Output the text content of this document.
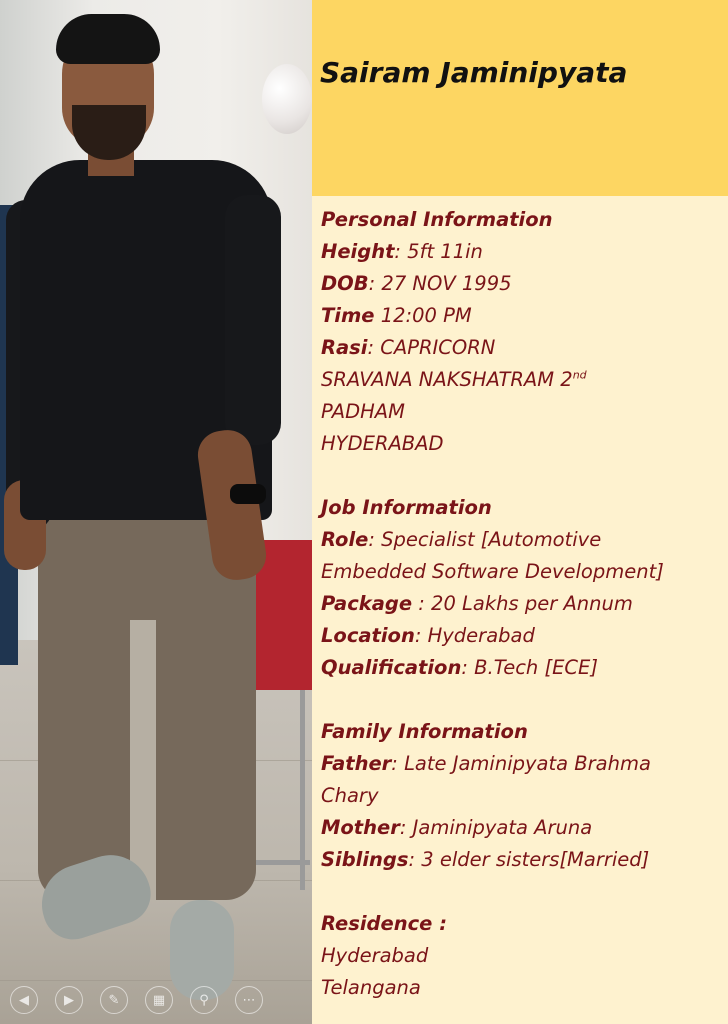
◀	▶	✎	▦	⚲	⋯
Sairam Jaminipyata
Personal Information
Height: 5ft 11in
DOB: 27 NOV 1995
Time 12:00 PM
Rasi: CAPRICORN
SRAVANA NAKSHATRAM 2nd
PADHAM
HYDERABAD
Job Information
Role: Specialist [Automotive
Embedded Software Development]
Package : 20 Lakhs per Annum
Location: Hyderabad
Qualification: B.Tech [ECE]
Family Information
Father: Late Jaminipyata Brahma
Chary
Mother: Jaminipyata Aruna
Siblings: 3 elder sisters[Married]
Residence :
Hyderabad
Telangana
